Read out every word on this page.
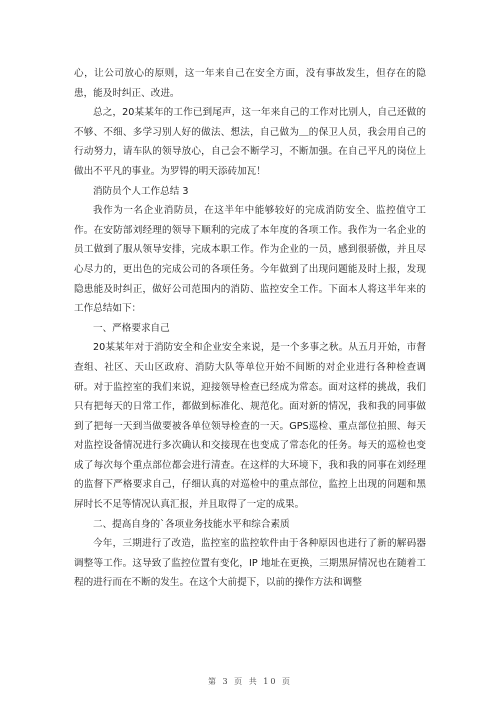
心，让公司放心的原则，这一年来自己在安全方面，没有事故发生，但存在的隐患，能及时纠正、改进。

总之，20某某年的工作已到尾声，这一年来自己的工作对比别人，自己还做的不够、不细、多学习别人好的做法、想法，自己做为＿的保卫人员，我会用自己的行动努力，请车队的领导放心，自己会不断学习，不断加强。在自己平凡的岗位上做出不平凡的事业。为罗锝的明天添砖加瓦！

消防员个人工作总结 3

我作为一名企业消防员，在这半年中能够较好的完成消防安全、监控值守工作。在安防部刘经理的领导下顺利的完成了本年度的各项工作。我作为一名企业的员工做到了服从领导安排，完成本职工作。作为企业的一员，感到很骄傲，并且尽心尽力的，更出色的完成公司的各项任务。今年做到了出现问题能及时上报，发现隐患能及时纠正，做好公司范围内的消防、监控安全工作。下面本人将这半年来的工作总结如下：

一、严格要求自己

20某某年对于消防安全和企业安全来说，是一个多事之秋。从五月开始，市督查组、社区、天山区政府、消防大队等单位开始不间断的对企业进行各种检查调研。对于监控室的我们来说，迎接领导检查已经成为常态。面对这样的挑战，我们只有把每天的日常工作，都做到标准化、规范化。面对新的情况，我和我的同事做到了把每一天到当做要被各单位领导检查的一天。GPS巡检、重点部位拍照、每天对监控设备情况进行多次确认和交接现在也变成了常态化的任务。每天的巡检也变成了每次每个重点部位都会进行清查。在这样的大环境下，我和我的同事在刘经理的监督下严格要求自己，仔细认真的对巡检中的重点部位，监控上出现的问题和黑屏时长不足等情况认真汇报，并且取得了一定的成果。

二、提高自身的`各项业务技能水平和综合素质

今年，三期进行了改造，监控室的监控软件由于各种原因也进行了新的解码器调整等工作。这导致了监控位置有变化，IP 地址在更换，三期黑屏情况也在随着工程的进行而在不断的发生。在这个大前提下，以前的操作方法和调整

第 3 页 共 10 页
